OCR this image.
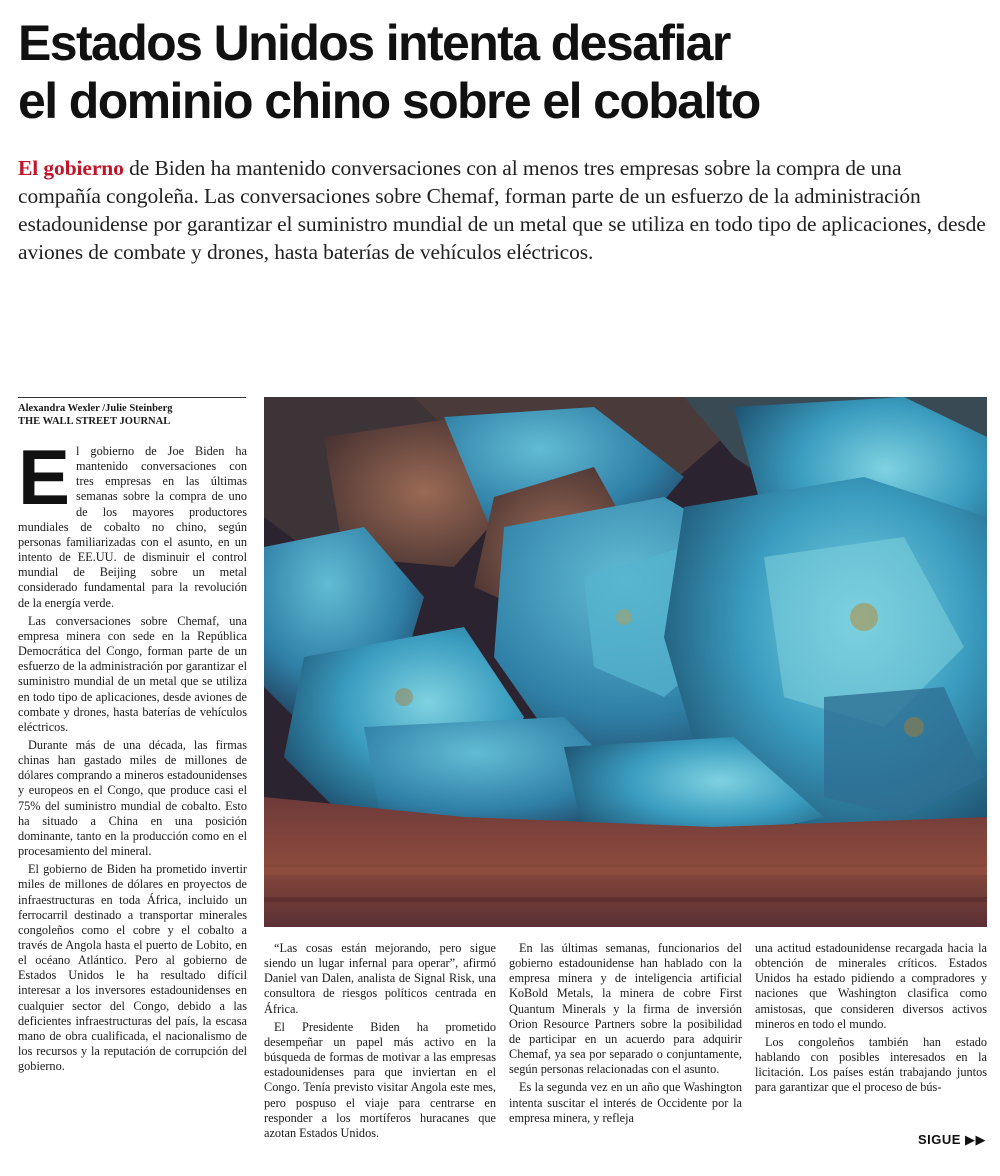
Estados Unidos intenta desafiar
el dominio chino sobre el cobalto

El gobierno de Biden ha mantenido conversaciones con al menos tres empresas sobre la compra de una compañía congoleña. Las conversaciones sobre Chemaf, forman parte de un esfuerzo de la administración estadounidense por garantizar el suministro mundial de un metal que se utiliza en todo tipo de aplicaciones, desde aviones de combate y drones, hasta baterías de vehículos eléctricos.

Alexandra Wexler /Julie Steinberg
THE WALL STREET JOURNAL

El gobierno de Joe Biden ha mantenido conversaciones con tres empresas en las últimas semanas sobre la compra de uno de los mayores productores mundiales de cobalto no chino, según personas familiarizadas con el asunto, en un intento de EE.UU. de disminuir el control mundial de Beijing sobre un metal considerado fundamental para la revolución de la energía verde.

Las conversaciones sobre Chemaf, una empresa minera con sede en la República Democrática del Congo, forman parte de un esfuerzo de la administración por garantizar el suministro mundial de un metal que se utiliza en todo tipo de aplicaciones, desde aviones de combate y drones, hasta baterías de vehículos eléctricos.

Durante más de una década, las firmas chinas han gastado miles de millones de dólares comprando a mineros estadounidenses y europeos en el Congo, que produce casi el 75% del suministro mundial de cobalto. Esto ha situado a China en una posición dominante, tanto en la producción como en el procesamiento del mineral.

El gobierno de Biden ha prometido invertir miles de millones de dólares en proyectos de infraestructuras en toda África, incluido un ferrocarril destinado a transportar minerales congoleños como el cobre y el cobalto a través de Angola hasta el puerto de Lobito, en el océano Atlántico. Pero al gobierno de Estados Unidos le ha resultado difícil interesar a los inversores estadounidenses en cualquier sector del Congo, debido a las deficientes infraestructuras del país, la escasa mano de obra cualificada, el nacionalismo de los recursos y la reputación de corrupción del gobierno.

“Las cosas están mejorando, pero sigue siendo un lugar infernal para operar”, afirmó Daniel van Dalen, analista de Signal Risk, una consultora de riesgos políticos centrada en África.

El Presidente Biden ha prometido desempeñar un papel más activo en la búsqueda de formas de motivar a las empresas estadounidenses para que inviertan en el Congo. Tenía previsto visitar Angola este mes, pero pospuso el viaje para centrarse en responder a los mortíferos huracanes que azotan Estados Unidos.

En las últimas semanas, funcionarios del gobierno estadounidense han hablado con la empresa minera y de inteligencia artificial KoBold Metals, la minera de cobre First Quantum Minerals y la firma de inversión Orion Resource Partners sobre la posibilidad de participar en un acuerdo para adquirir Chemaf, ya sea por separado o conjuntamente, según personas relacionadas con el asunto.

Es la segunda vez en un año que Washington intenta suscitar el interés de Occidente por la empresa minera, y refleja

una actitud estadounidense recargada hacia la obtención de minerales críticos. Estados Unidos ha estado pidiendo a compradores y naciones que Washington clasifica como amistosas, que consideren diversos activos mineros en todo el mundo.

Los congoleños también han estado hablando con posibles interesados en la licitación. Los países están trabajando juntos para garantizar que el proceso de bús-

SIGUE ▶▶
